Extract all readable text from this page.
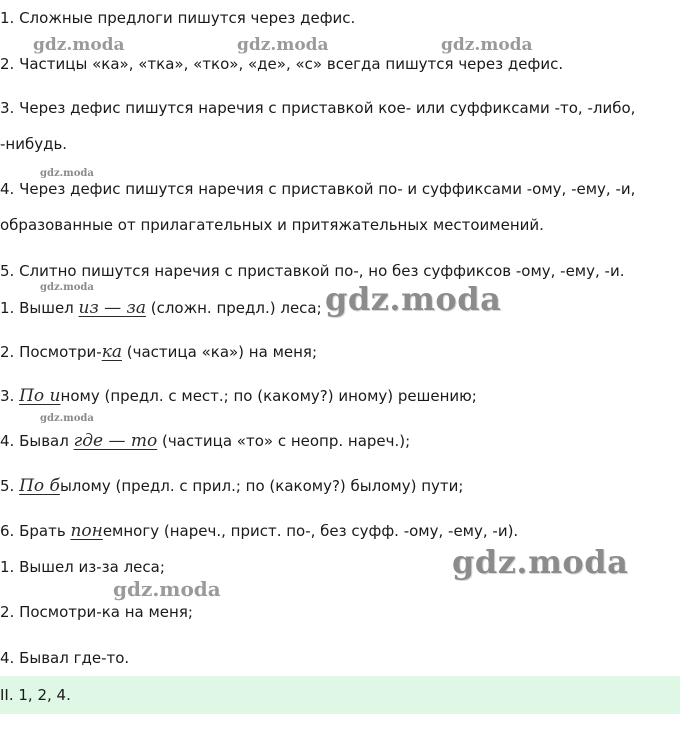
1. Сложные предлоги пишутся через дефис.
2. Частицы «ка», «тка», «тко», «де», «с» всегда пишутся через дефис.
3. Через дефис пишутся наречия с приставкой кое- или суффиксами -то, -либо,
-нибудь.
4. Через дефис пишутся наречия с приставкой по- и суффиксами -ому, -ему, -и,
образованные от прилагательных и притяжательных местоимений.
5. Слитно пишутся наречия с приставкой по-, но без суффиксов -ому, -ему, -и.
1. Вышел из — за (сложн. предл.) леса;
2. Посмотри-ка (частица «ка») на меня;
3. По иному (предл. с мест.; по (какому?) иному) решению;
4. Бывал где — то (частица «то» с неопр. нареч.);
5. По былому (предл. с прил.; по (какому?) былому) пути;
6. Брать понемногу (нареч., прист. по-, без суфф. -ому, -ему, -и).
1. Вышел из-за леса;
2. Посмотри-ка на меня;
4. Бывал где-то.
II. 1, 2, 4.
gdz.moda	gdz.moda	gdz.moda
gdz.moda
gdz.moda	gdz.moda
gdz.moda
gdz.moda
gdz.moda
